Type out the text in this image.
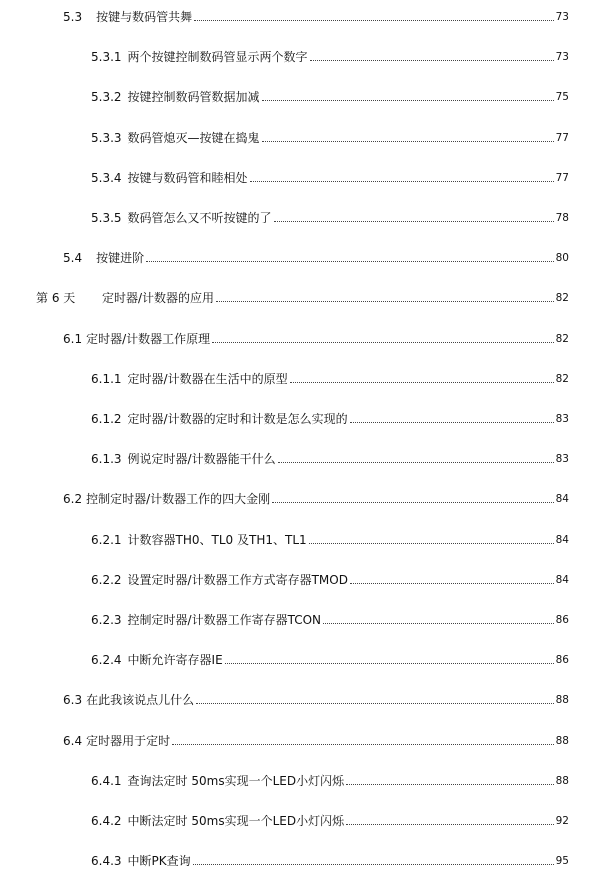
5.3 按键与数码管共舞	73
5.3.1 两个按键控制数码管显示两个数字	73
5.3.2 按键控制数码管数据加减	75
5.3.3 数码管熄灭—按键在捣鬼	77
5.3.4 按键与数码管和睦相处	77
5.3.5 数码管怎么又不听按键的了	78
5.4 按键进阶	80
第 6 天	定时器/计数器的应用	82
6.1 定时器/计数器工作原理	82
6.1.1 定时器/计数器在生活中的原型	82
6.1.2 定时器/计数器的定时和计数是怎么实现的	83
6.1.3 例说定时器/计数器能干什么	83
6.2 控制定时器/计数器工作的四大金刚	84
6.2.1 计数容器TH0、TL0 及TH1、TL1	84
6.2.2 设置定时器/计数器工作方式寄存器TMOD	84
6.2.3 控制定时器/计数器工作寄存器TCON	86
6.2.4 中断允许寄存器IE	86
6.3 在此我该说点儿什么	88
6.4 定时器用于定时	88
6.4.1 查询法定时 50ms实现一个LED小灯闪烁	88
6.4.2 中断法定时 50ms实现一个LED小灯闪烁	92
6.4.3 中断PK查询	95
